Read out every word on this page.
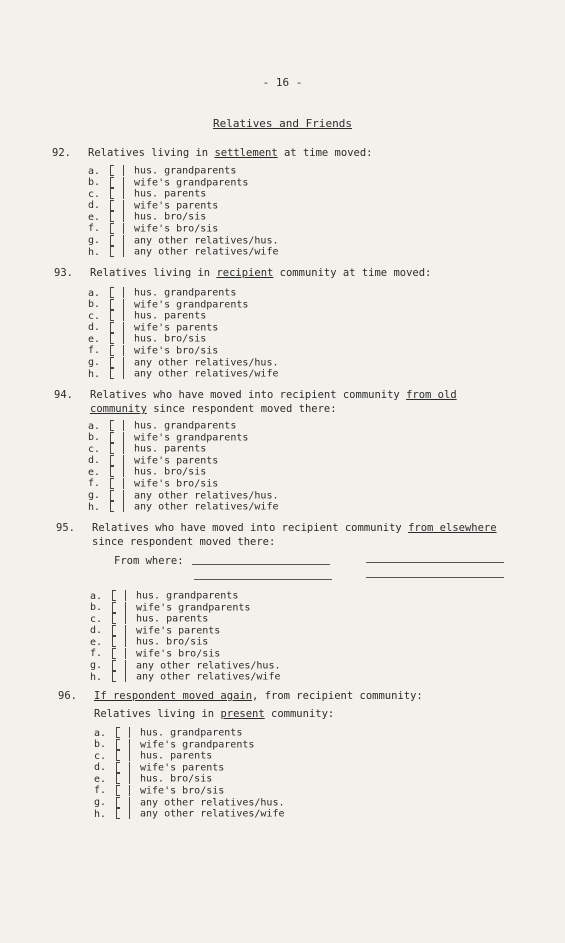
- 16 -
Relatives and Friends
92. Relatives living in settlement at time moved:
a.	hus. grandparents
b.	wife's grandparents
c.	hus. parents
d.	wife's parents
e.	hus. bro/sis
f.	wife's bro/sis
g.	any other relatives/hus.
h.	any other relatives/wife
93. Relatives living in recipient community at time moved:
a.	hus. grandparents
b.	wife's grandparents
c.	hus. parents
d.	wife's parents
e.	hus. bro/sis
f.	wife's bro/sis
g.	any other relatives/hus.
h.	any other relatives/wife
94. Relatives who have moved into recipient community from old
community since respondent moved there:
a.	hus. grandparents
b.	wife's grandparents
c.	hus. parents
d.	wife's parents
e.	hus. bro/sis
f.	wife's bro/sis
g.	any other relatives/hus.
h.	any other relatives/wife
95. Relatives who have moved into recipient community from elsewhere
since respondent moved there:
From where:
a.	hus. grandparents
b.	wife's grandparents
c.	hus. parents
d.	wife's parents
e.	hus. bro/sis
f.	wife's bro/sis
g.	any other relatives/hus.
h.	any other relatives/wife
96. If respondent moved again, from recipient community:
Relatives living in present community:
a.	hus. grandparents
b.	wife's grandparents
c.	hus. parents
d.	wife's parents
e.	hus. bro/sis
f.	wife's bro/sis
g.	any other relatives/hus.
h.	any other relatives/wife
